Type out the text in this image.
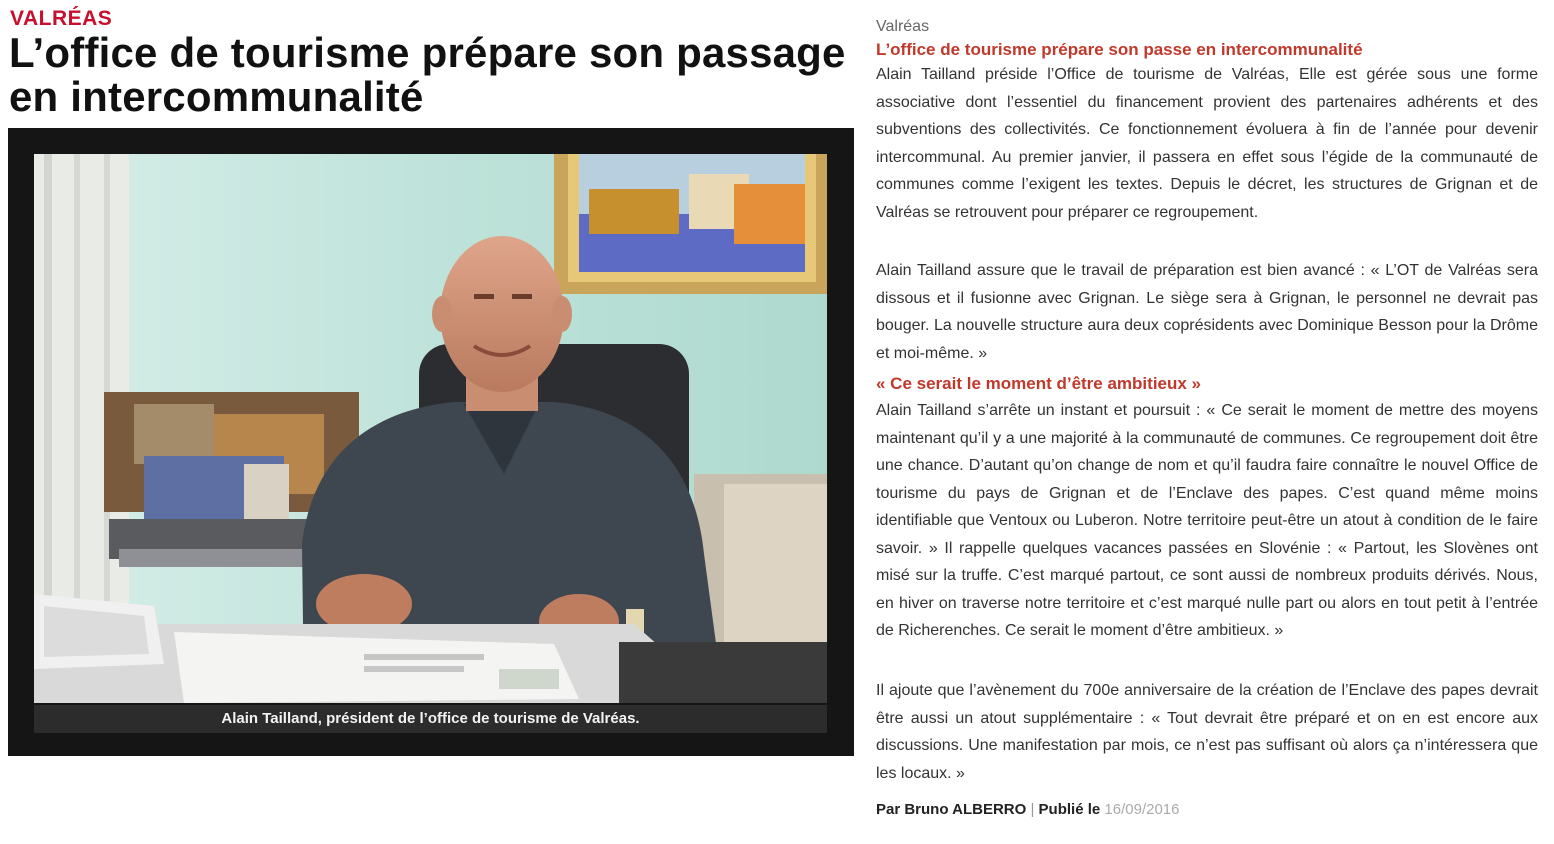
VALRÉAS
L’office de tourisme prépare son passage en intercommunalité
Alain Tailland, président de l’office de tourisme de Valréas.
Valréas
L’office de tourisme prépare son passe en intercommunalité

Alain Tailland préside l’Office de tourisme de Valréas, Elle est gérée sous une forme associative dont l’essentiel du financement provient des partenaires adhérents et des subventions des collectivités. Ce fonctionnement évoluera à fin de l’année pour devenir intercommunal. Au premier janvier, il passera en effet sous l’égide de la communauté de communes comme l’exigent les textes. Depuis le décret, les structures de Grignan et de Valréas se retrouvent pour préparer ce regroupement.

Alain Tailland assure que le travail de préparation est bien avancé : « L’OT de Valréas sera dissous et il fusionne avec Grignan. Le siège sera à Grignan, le personnel ne devrait pas bouger. La nouvelle structure aura deux coprésidents avec Dominique Besson pour la Drôme et moi-même. »

« Ce serait le moment d’être ambitieux »

Alain Tailland s’arrête un instant et poursuit : « Ce serait le moment de mettre des moyens maintenant qu’il y a une majorité à la communauté de communes. Ce regroupement doit être une chance. D’autant qu’on change de nom et qu’il faudra faire connaître le nouvel Office de tourisme du pays de Grignan et de l’Enclave des papes. C’est quand même moins identifiable que Ventoux ou Luberon. Notre territoire peut-être un atout à condition de le faire savoir. » Il rappelle quelques vacances passées en Slovénie : « Partout, les Slovènes ont misé sur la truffe. C’est marqué partout, ce sont aussi de nombreux produits dérivés. Nous, en hiver on traverse notre territoire et c’est marqué nulle part ou alors en tout petit à l’entrée de Richerenches. Ce serait le moment d’être ambitieux. »

Il ajoute que l’avènement du 700e anniversaire de la création de l’Enclave des papes devrait être aussi un atout supplémentaire : « Tout devrait être préparé et on en est encore aux discussions. Une manifestation par mois, ce n’est pas suffisant où alors ça n’intéressera que les locaux. »

Par Bruno ALBERRO | Publié le 16/09/2016
